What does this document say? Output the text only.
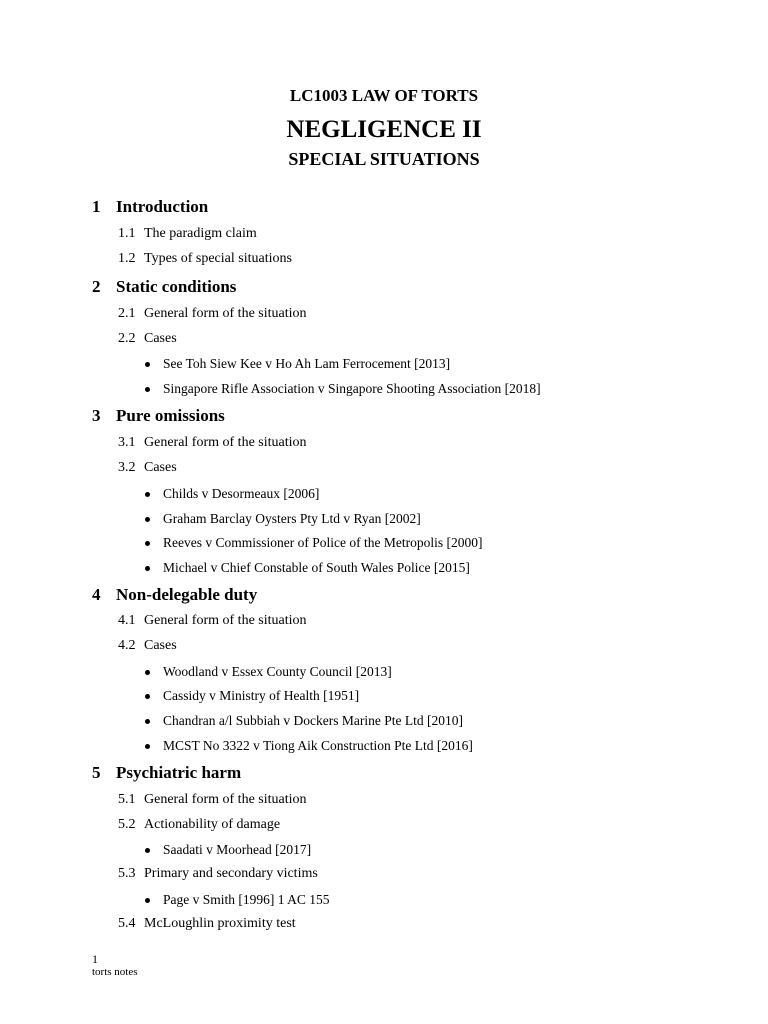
LC1003 LAW OF TORTS
NEGLIGENCE II
SPECIAL SITUATIONS
1 Introduction
1.1 The paradigm claim
1.2 Types of special situations
2 Static conditions
2.1 General form of the situation
2.2 Cases
See Toh Siew Kee v Ho Ah Lam Ferrocement [2013]
Singapore Rifle Association v Singapore Shooting Association [2018]
3 Pure omissions
3.1 General form of the situation
3.2 Cases
Childs v Desormeaux [2006]
Graham Barclay Oysters Pty Ltd v Ryan [2002]
Reeves v Commissioner of Police of the Metropolis [2000]
Michael v Chief Constable of South Wales Police [2015]
4 Non-delegable duty
4.1 General form of the situation
4.2 Cases
Woodland v Essex County Council [2013]
Cassidy v Ministry of Health [1951]
Chandran a/l Subbiah v Dockers Marine Pte Ltd [2010]
MCST No 3322 v Tiong Aik Construction Pte Ltd [2016]
5 Psychiatric harm
5.1 General form of the situation
5.2 Actionability of damage
Saadati v Moorhead [2017]
5.3 Primary and secondary victims
Page v Smith [1996] 1 AC 155
5.4 McLoughlin proximity test
1
torts notes
